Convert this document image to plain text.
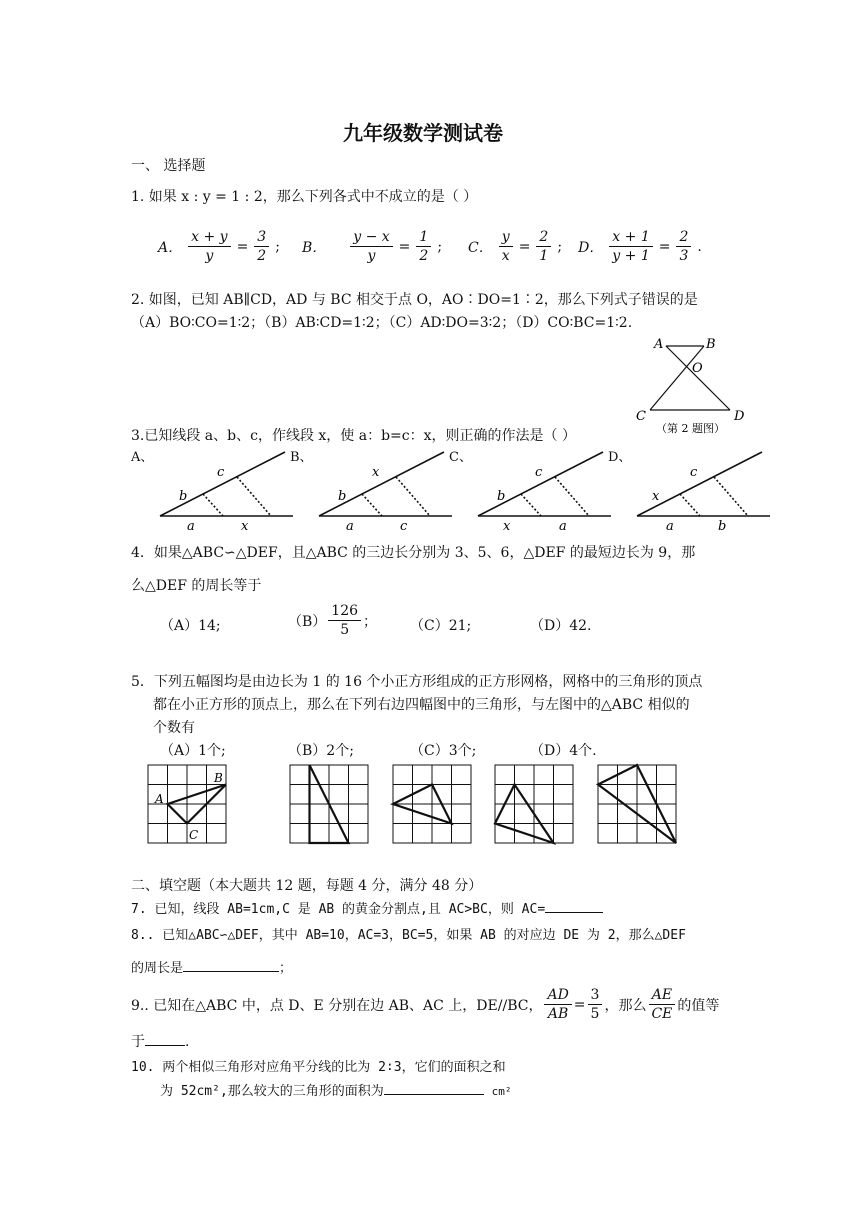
九年级数学测试卷
一、 选择题
1. 如果 x : y = 1 : 2，那么下列各式中不成立的是（ ）
A． $\frac{x + y}{y} = \frac{3}{2}$ ; B． $\frac{y - x}{y} = \frac{1}{2}$ ; C． $\frac{y}{x} = \frac{2}{1}$ ; D． $\frac{x + 1}{y + 1} = \frac{2}{3}$ .
2. 如图，已知 AB∥CD，AD 与 BC 相交于点 O，AO∶DO=1∶2，那么下列式子错误的是
（A）BO∶CO=1∶2；（B）AB∶CD=1∶2；（C）AD∶DO=3∶2；（D）CO∶BC=1∶2.
A	B
O
C	D
（第 2 题图）
3.已知线段 a、b、c，作线段 x，使 a：b=c：x，则正确的作法是（ ）
A、	B、	C、	D、
b
c
a	x
b
x
a	c
b
c
x	a
x
c
a	b
4．如果△ABC∽△DEF，且△ABC 的三边长分别为 3、5、6，△DEF 的最短边长为 9，那
么△DEF 的周长等于
（A）14;	$(B) \frac{126}{5}$ ； （C）21;	（D）42.
5．下列五幅图均是由边长为 1 的 16 个小正方形组成的正方形网格，网格中的三角形的顶点
都在小正方形的顶点上，那么在下列右边四幅图中的三角形，与左图中的△ABC 相似的
个数有
（A）1个;	（B）2个;	（C）3个;	（D）4个.
A
B
C
二、填空题（本大题共 12 题，每题 4 分，满分 48 分）
7. 已知，线段 AB=1cm,C 是 AB 的黄金分割点,且 AC>BC，则 AC=
8.. 已知△ABC∽△DEF，其中 AB=10，AC=3，BC=5，如果 AB 的对应边 DE 为 2，那么△DEF
的周长是	；
9.. 已知在△ABC 中，点 D、E 分别在边 AB、AC 上，DE//BC， $\frac{AD}{AB} = \frac{3}{5}$ ，那么 $\frac{AE}{CE}$ 的值等
于	.
10. 两个相似三角形对应角平分线的比为 2∶3，它们的面积之和
为 52cm²,那么较大的三角形的面积为	cm²
